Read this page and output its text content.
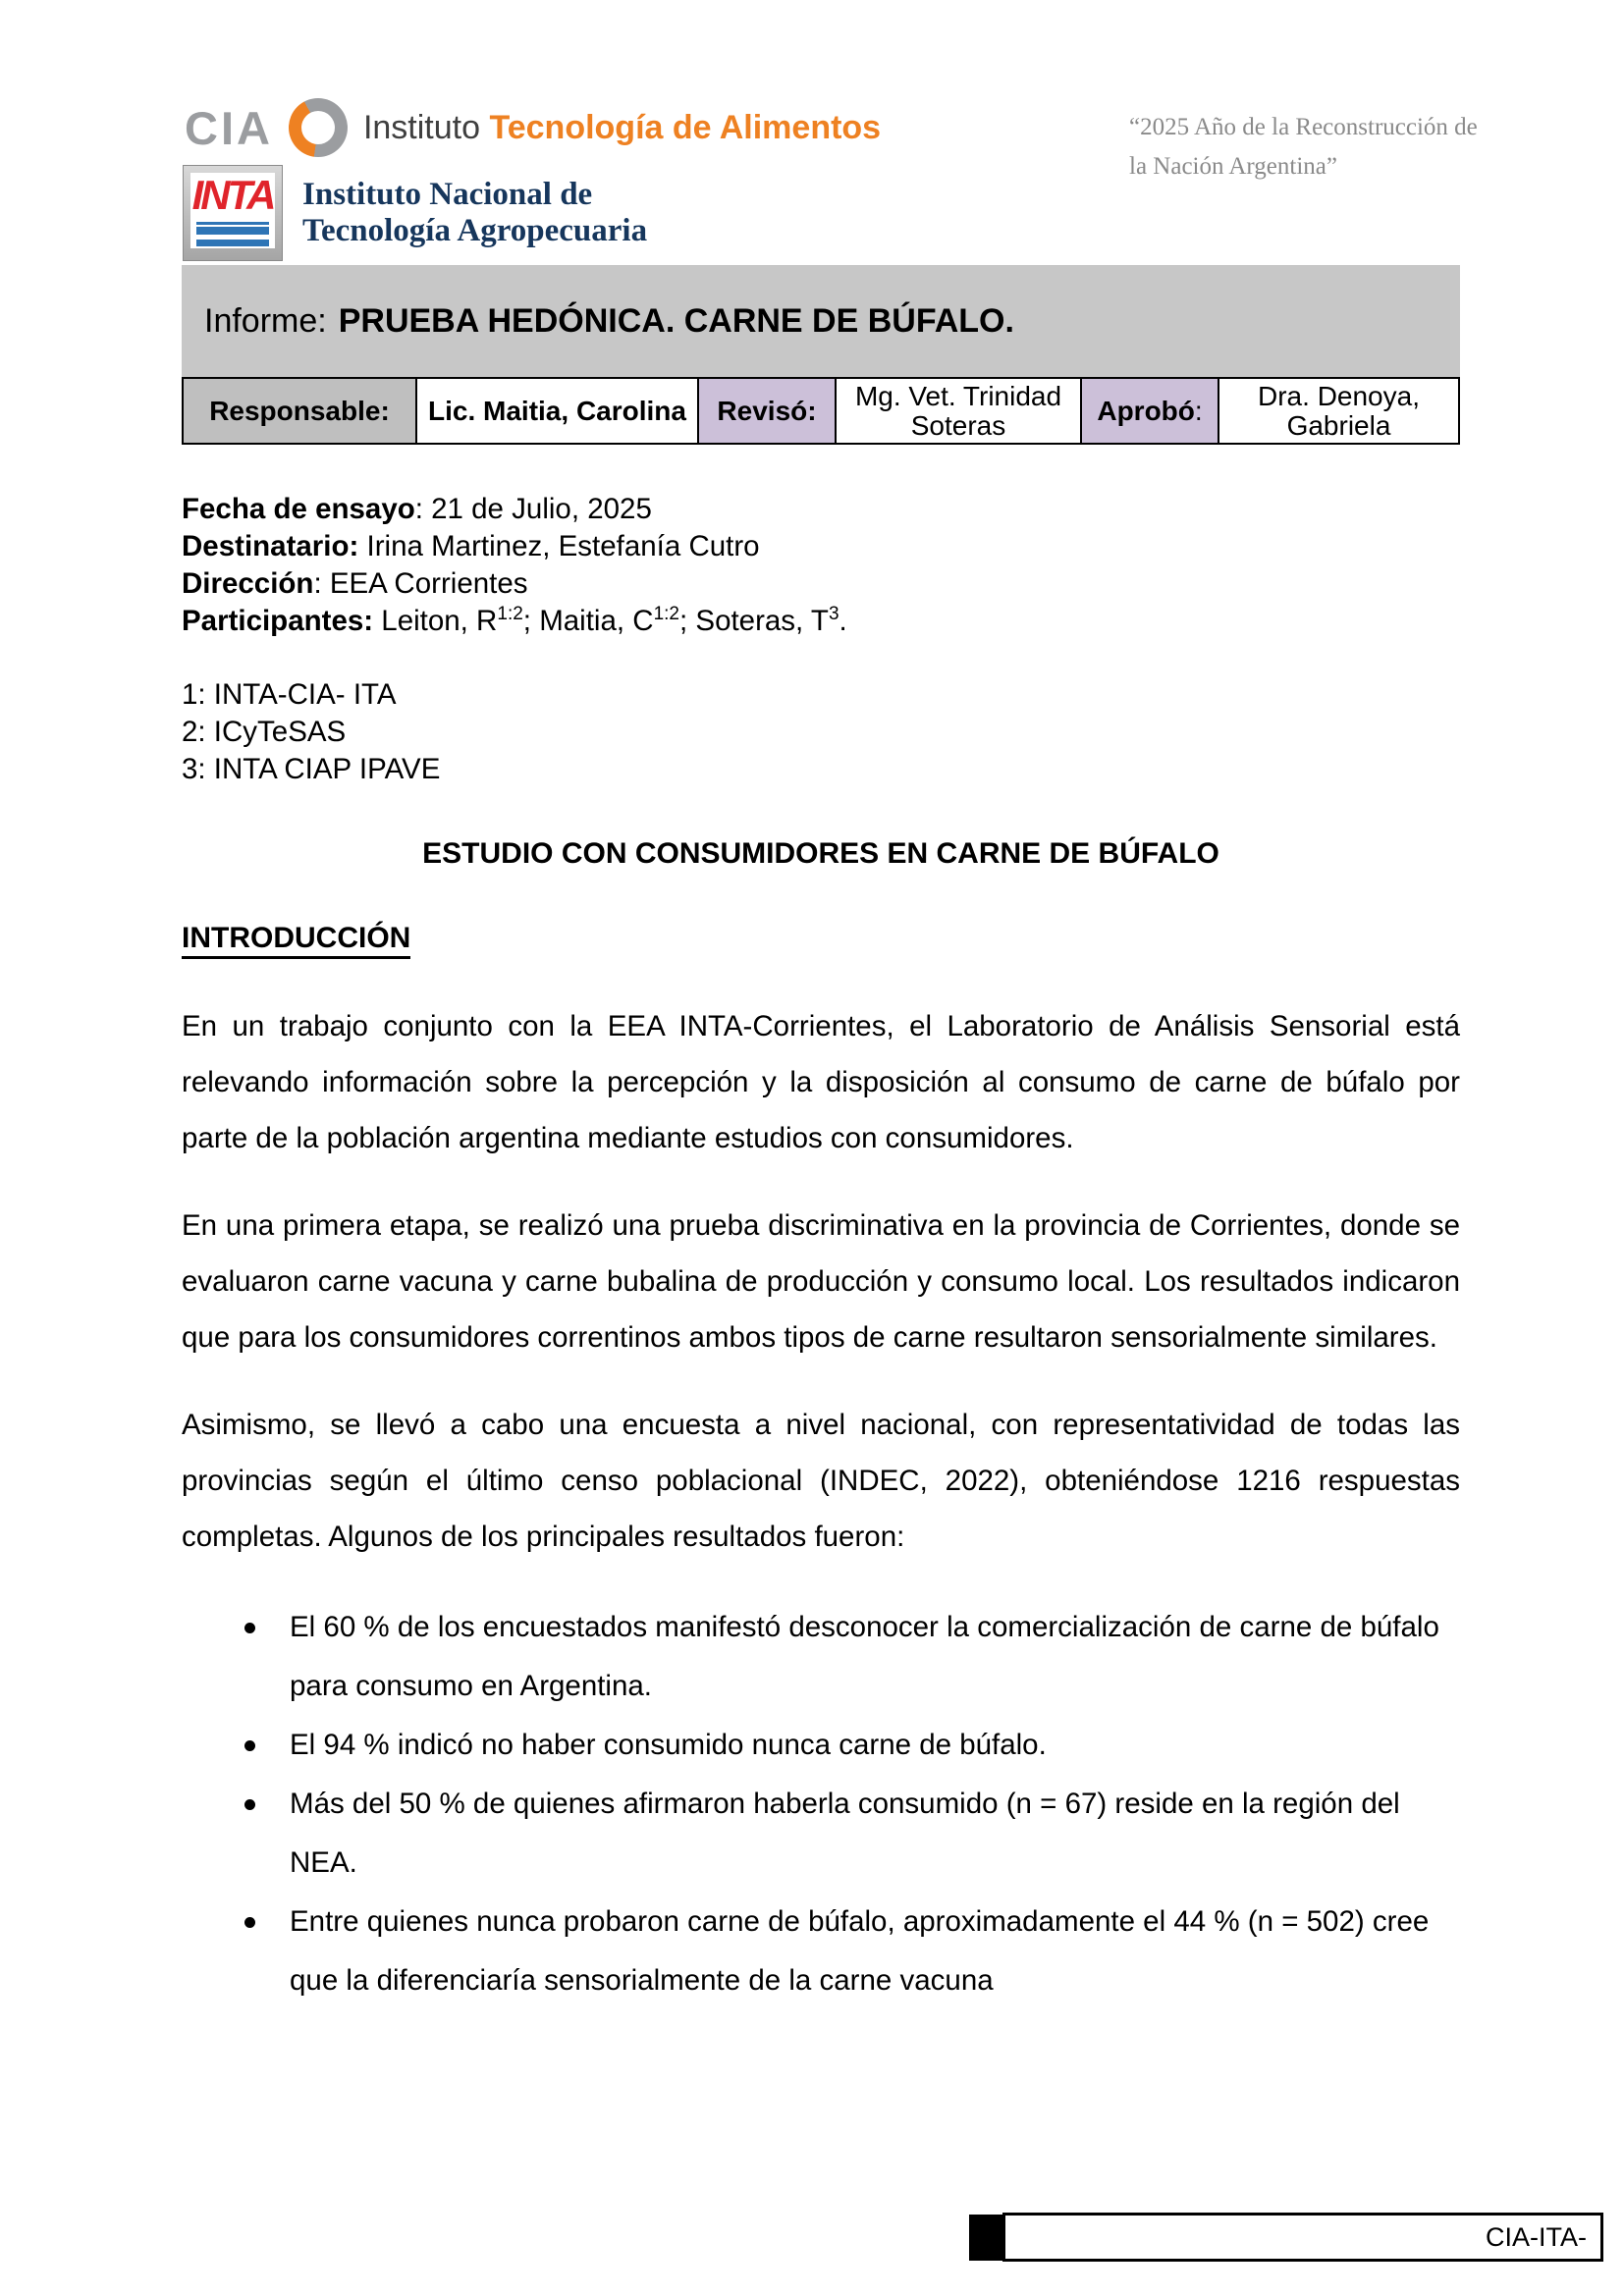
CIA	Instituto Tecnología de Alimentos	“2025 Año de la Reconstrucción de
la Nación Argentina”
INTA Instituto Nacional de
Tecnología Agropecuaria
Informe: PRUEBA HEDÓNICA. CARNE DE BÚFALO.
Responsable:	Lic. Maitia, Carolina	Revisó:	Mg. Vet. Trinidad Soteras	Aprobó :	Dra. Denoya, Gabriela
Fecha de ensayo: 21 de Julio, 2025
Destinatario: Irina Martinez, Estefanía Cutro
Dirección: EEA Corrientes
Participantes: Leiton, $R^{1:2}$; Maitia, $C^{1:2}$; Soteras, $T^3$.
1: INTA-CIA- ITA
2: ICyTeSAS
3: INTA CIAP IPAVE
ESTUDIO CON CONSUMIDORES EN CARNE DE BÚFALO
INTRODUCCIÓN

En un trabajo conjunto con la EEA INTA-Corrientes, el Laboratorio de Análisis Sensorial está relevando información sobre la percepción y la disposición al consumo de carne de búfalo por parte de la población argentina mediante estudios con consumidores.

En una primera etapa, se realizó una prueba discriminativa en la provincia de Corrientes, donde se evaluaron carne vacuna y carne bubalina de producción y consumo local. Los resultados indicaron que para los consumidores correntinos ambos tipos de carne resultaron sensorialmente similares.

Asimismo, se llevó a cabo una encuesta a nivel nacional, con representatividad de todas las provincias según el último censo poblacional (INDEC, 2022), obteniéndose 1216 respuestas completas. Algunos de los principales resultados fueron:

El 60 % de los encuestados manifestó desconocer la comercialización de carne de búfalo para consumo en Argentina.
El 94 % indicó no haber consumido nunca carne de búfalo.
Más del 50 % de quienes afirmaron haberla consumido (n = 67) reside en la región del NEA.
Entre quienes nunca probaron carne de búfalo, aproximadamente el 44 % (n = 502) cree que la diferenciaría sensorialmente de la carne vacuna
CIA-ITA-
